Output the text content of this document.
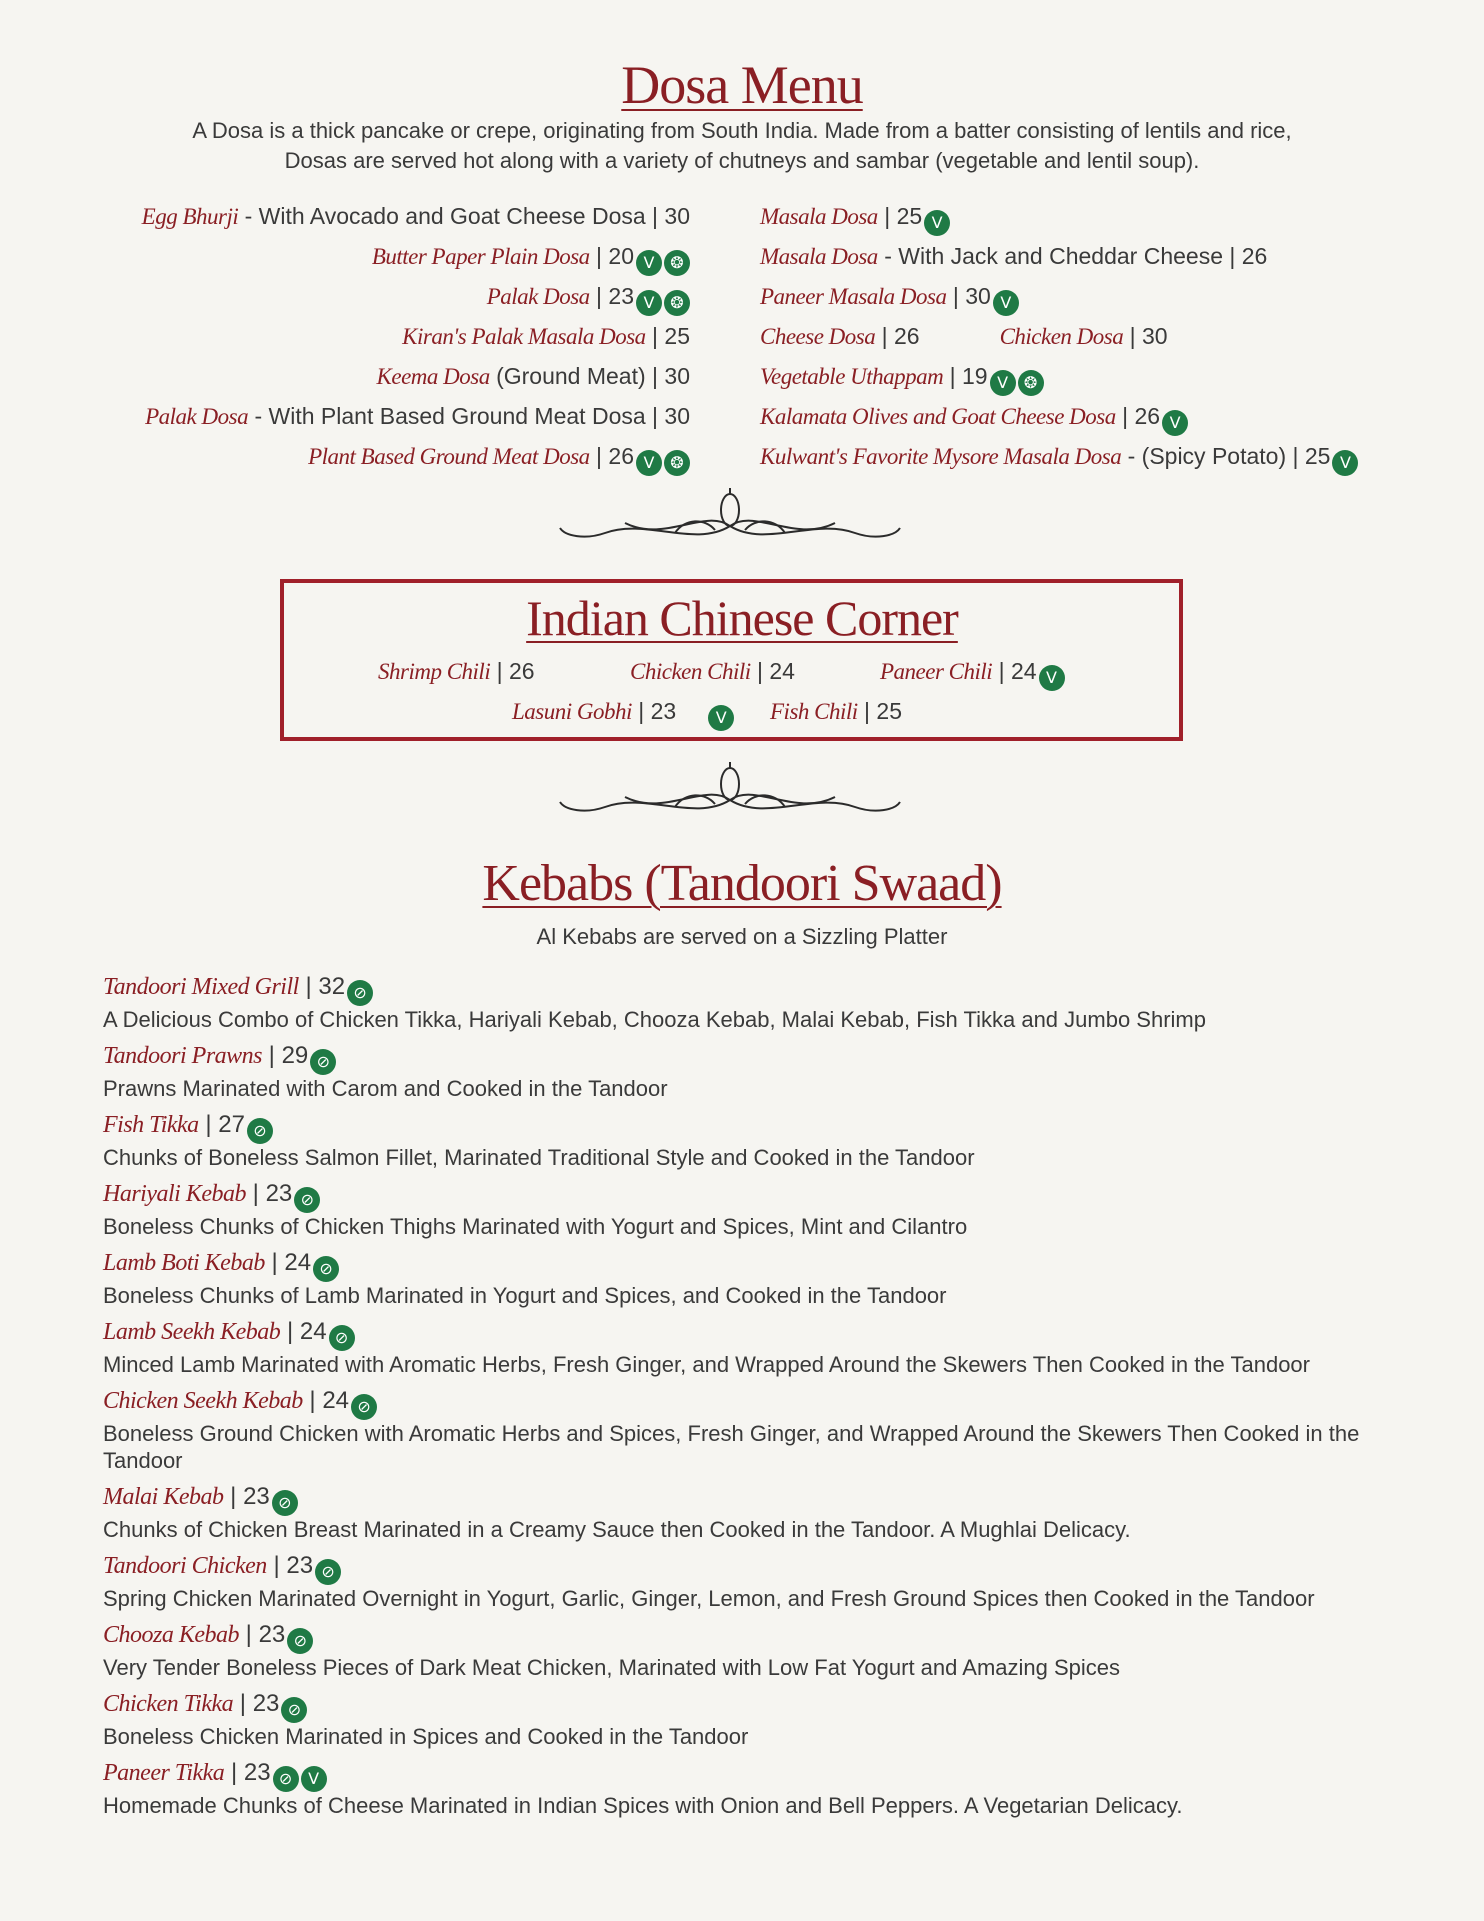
Dosa Menu
A Dosa is a thick pancake or crepe, originating from South India. Made from a batter consisting of lentils and rice,
Dosas are served hot along with a variety of chutneys and sambar (vegetable and lentil soup).
Egg Bhurji - With Avocado and Goat Cheese Dosa | 30
Butter Paper Plain Dosa | 20 V ❂
Palak Dosa | 23 V ❂
Kiran's Palak Masala Dosa | 25
Keema Dosa (Ground Meat) | 30
Palak Dosa - With Plant Based Ground Meat Dosa | 30
Plant Based Ground Meat Dosa | 26 V ❂
Masala Dosa | 25 V
Masala Dosa - With Jack and Cheddar Cheese | 26
Paneer Masala Dosa | 30 V
Cheese Dosa | 26	Chicken Dosa | 30
Vegetable Uthappam | 19 V ❂
Kalamata Olives and Goat Cheese Dosa | 26 V
Kulwant's Favorite Mysore Masala Dosa - (Spicy Potato) | 25 V
Indian Chinese Corner
Shrimp Chili | 26	Chicken Chili | 24	Paneer Chili | 24 V
Lasuni Gobhi | 23 V	Fish Chili | 25
Kebabs (Tandoori Swaad)
Al Kebabs are served on a Sizzling Platter
Tandoori Mixed Grill | 32 ⊘
A Delicious Combo of Chicken Tikka, Hariyali Kebab, Chooza Kebab, Malai Kebab, Fish Tikka and Jumbo Shrimp
Tandoori Prawns | 29 ⊘
Prawns Marinated with Carom and Cooked in the Tandoor
Fish Tikka | 27 ⊘
Chunks of Boneless Salmon Fillet, Marinated Traditional Style and Cooked in the Tandoor
Hariyali Kebab | 23 ⊘
Boneless Chunks of Chicken Thighs Marinated with Yogurt and Spices, Mint and Cilantro
Lamb Boti Kebab | 24 ⊘
Boneless Chunks of Lamb Marinated in Yogurt and Spices, and Cooked in the Tandoor
Lamb Seekh Kebab | 24 ⊘
Minced Lamb Marinated with Aromatic Herbs, Fresh Ginger, and Wrapped Around the Skewers Then Cooked in the Tandoor
Chicken Seekh Kebab | 24 ⊘
Boneless Ground Chicken with Aromatic Herbs and Spices, Fresh Ginger, and Wrapped Around the Skewers Then Cooked in the Tandoor
Malai Kebab | 23 ⊘
Chunks of Chicken Breast Marinated in a Creamy Sauce then Cooked in the Tandoor. A Mughlai Delicacy.
Tandoori Chicken | 23 ⊘
Spring Chicken Marinated Overnight in Yogurt, Garlic, Ginger, Lemon, and Fresh Ground Spices then Cooked in the Tandoor
Chooza Kebab | 23 ⊘
Very Tender Boneless Pieces of Dark Meat Chicken, Marinated with Low Fat Yogurt and Amazing Spices
Chicken Tikka | 23 ⊘
Boneless Chicken Marinated in Spices and Cooked in the Tandoor
Paneer Tikka | 23 ⊘ V
Homemade Chunks of Cheese Marinated in Indian Spices with Onion and Bell Peppers. A Vegetarian Delicacy.
